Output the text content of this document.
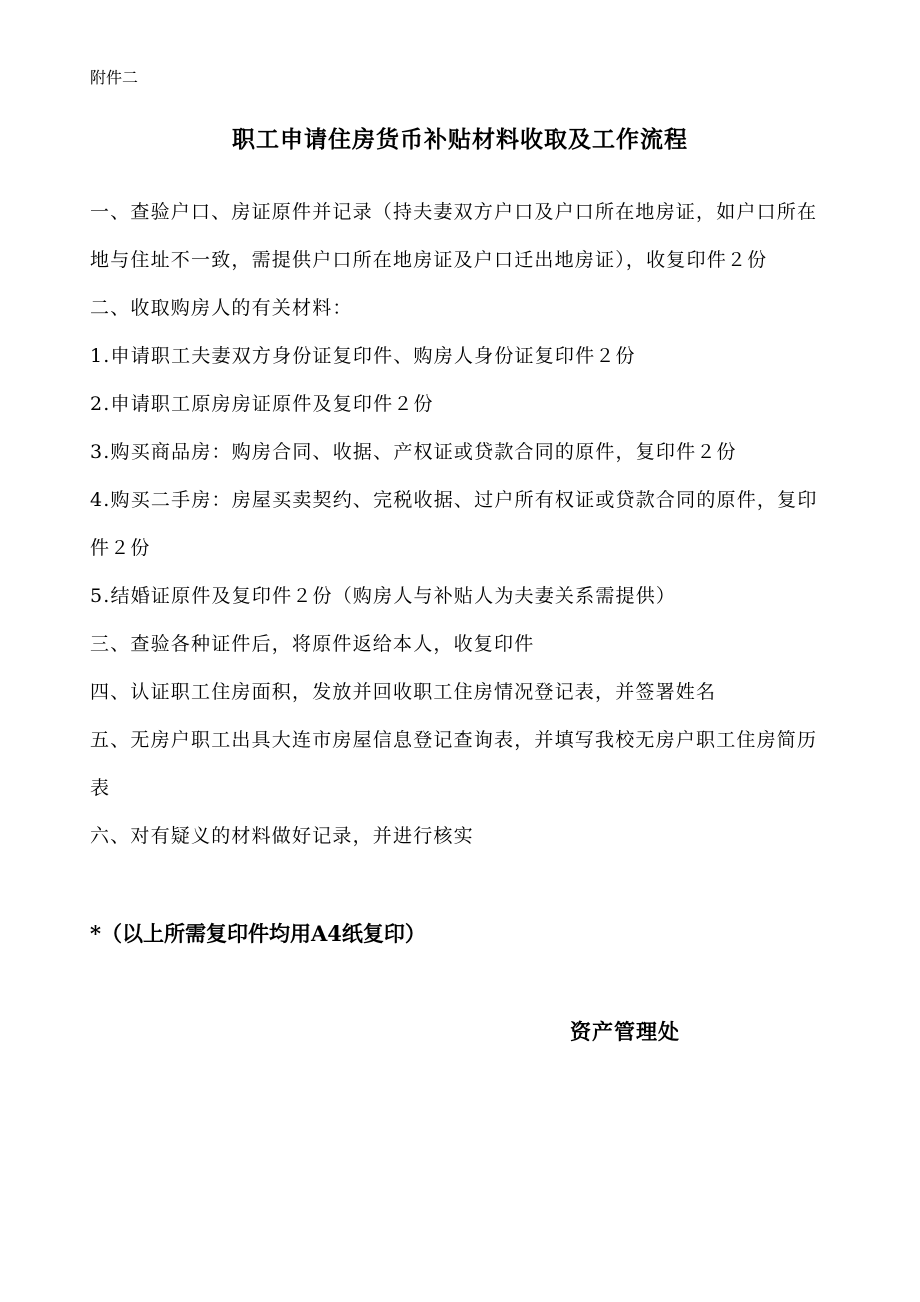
附件二
职工申请住房货币补贴材料收取及工作流程

一、查验户口、房证原件并记录（持夫妻双方户口及户口所在地房证，如户口所在地与住址不一致，需提供户口所在地房证及户口迁出地房证），收复印件２份

二、收取购房人的有关材料：

1.申请职工夫妻双方身份证复印件、购房人身份证复印件２份

2.申请职工原房房证原件及复印件２份

3.购买商品房：购房合同、收据、产权证或贷款合同的原件，复印件２份

4.购买二手房：房屋买卖契约、完税收据、过户所有权证或贷款合同的原件，复印件２份

5.结婚证原件及复印件２份（购房人与补贴人为夫妻关系需提供）

三、查验各种证件后，将原件返给本人，收复印件

四、认证职工住房面积，发放并回收职工住房情况登记表，并签署姓名

五、无房户职工出具大连市房屋信息登记查询表，并填写我校无房户职工住房简历表

六、对有疑义的材料做好记录，并进行核实

*（以上所需复印件均用A4纸复印）
资产管理处
